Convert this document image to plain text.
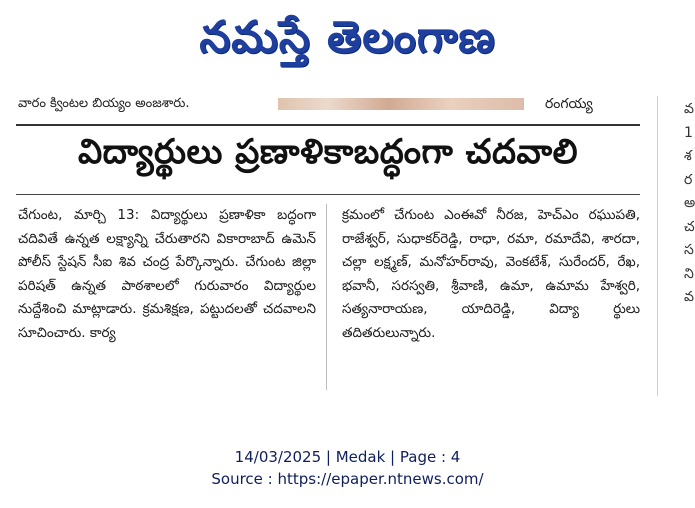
నమస్తే తెలంగాణ
వారం క్వింటల బియ్యం అంజశారు.	రంగయ్య	వ
1
శ
ర
అ
చ
స
ని
వ
విద్యార్థులు ప్రణాళికాబద్ధంగా చదవాలి
చేగుంట, మార్చి 13: విద్యార్థులు ప్రణాళికా బద్ధంగా చదివితే ఉన్నత లక్ష్యాన్ని చేరుతారని వికారాబాద్ ఉమెన్ పోలీస్ స్టేషన్ సీఐ శివ చంద్ర పేర్కొన్నారు. చేగుంట జిల్లా పరిషత్ ఉన్నత పాఠశాలలో గురువారం విద్యార్థుల నుద్దేశించి మాట్లాడారు. క్రమశిక్షణ, పట్టుదలతో చదవాలని సూచించారు. కార్య
క్రమంలో చేగుంట ఎంఈవో నీరజ, హెచ్ఎం రఘుపతి, రాజేశ్వర్, సుధాకర్‌రెడ్డి, రాధా, రమా, రమాదేవి, శారదా, చల్లా లక్ష్మణ్, మనోహర్‌రావు, వెంకటేశ్, సురేందర్, రేఖ, భవానీ, సరస్వతి, శ్రీవాణి, ఉమా, ఉమామ హేశ్వరి, సత్యనారాయణ, యాదిరెడ్డి, విద్యా ర్థులు తదితరులున్నారు.
14/03/2025 | Medak | Page : 4
Source : https://epaper.ntnews.com/
